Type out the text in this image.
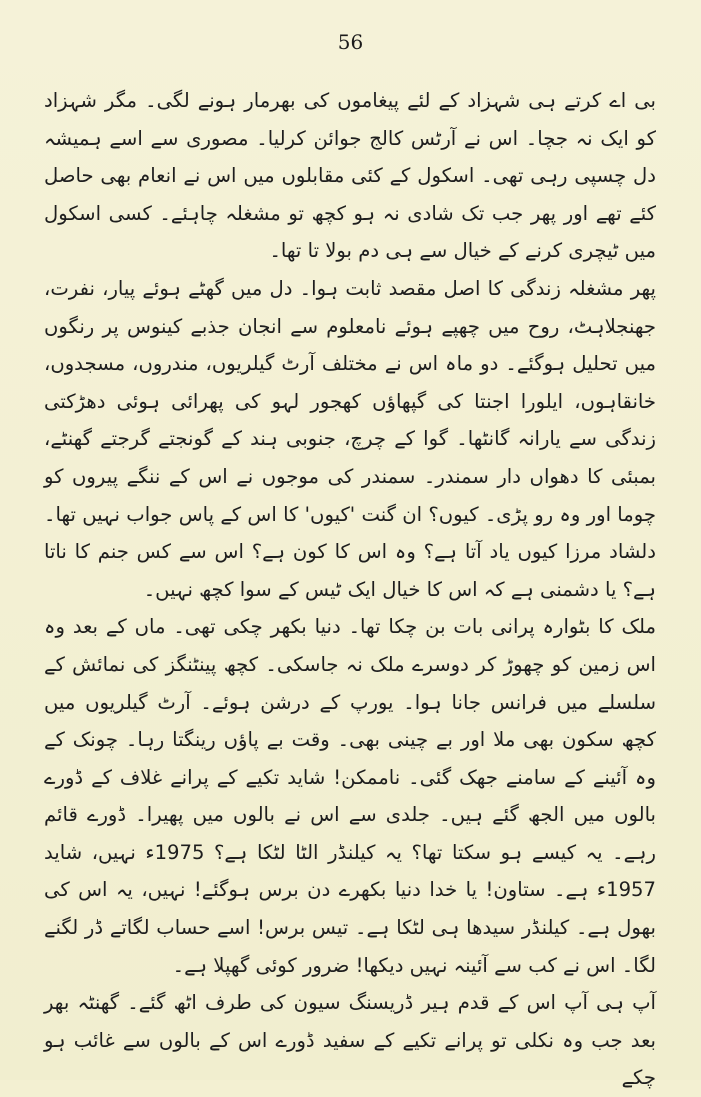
56

بی اے کرتے ہی شہزاد کے لئے پیغاموں کی بھرمار ہونے لگی۔ مگر شہزاد کو ایک نہ جچا۔ اس نے آرٹس کالج جوائن کرلیا۔ مصوری سے اسے ہمیشہ دل چسپی رہی تھی۔ اسکول کے کئی مقابلوں میں اس نے انعام بھی حاصل کئے تھے اور پھر جب تک شادی نہ ہو کچھ تو مشغلہ چاہئے۔ کسی اسکول میں ٹیچری کرنے کے خیال سے ہی دم بولا تا تھا۔

پھر مشغلہ زندگی کا اصل مقصد ثابت ہوا۔ دل میں گھٹے ہوئے پیار، نفرت، جھنجلاہٹ، روح میں چھپے ہوئے نامعلوم سے انجان جذبے کینوس پر رنگوں میں تحلیل ہوگئے۔ دو ماہ اس نے مختلف آرٹ گیلریوں، مندروں، مسجدوں، خانقاہوں، ایلورا اجنتا کی گپھاؤں کھجور لہو کی پھرائی ہوئی دھڑکتی زندگی سے یارانہ گانٹھا۔ گوا کے چرچ، جنوبی ہند کے گونجتے گرجتے گھنٹے، بمبئی کا دھواں دار سمندر۔ سمندر کی موجوں نے اس کے ننگے پیروں کو چوما اور وہ رو پڑی۔ کیوں؟ ان گنت 'کیوں' کا اس کے پاس جواب نہیں تھا۔ دلشاد مرزا کیوں یاد آتا ہے؟ وہ اس کا کون ہے؟ اس سے کس جنم کا ناتا ہے؟ یا دشمنی ہے کہ اس کا خیال ایک ٹیس کے سوا کچھ نہیں۔

ملک کا بٹوارہ پرانی بات بن چکا تھا۔ دنیا بکھر چکی تھی۔ ماں کے بعد وہ اس زمین کو چھوڑ کر دوسرے ملک نہ جاسکی۔ کچھ پینٹنگز کی نمائش کے سلسلے میں فرانس جانا ہوا۔ یورپ کے درشن ہوئے۔ آرٹ گیلریوں میں کچھ سکون بھی ملا اور بے چینی بھی۔ وقت بے پاؤں رینگتا رہا۔ چونک کے وہ آئینے کے سامنے جھک گئی۔ ناممکن! شاید تکیے کے پرانے غلاف کے ڈورے بالوں میں الجھ گئے ہیں۔ جلدی سے اس نے بالوں میں پھیرا۔ ڈورے قائم رہے۔ یہ کیسے ہو سکتا تھا؟ یہ کیلنڈر الٹا لٹکا ہے؟ 1975ء نہیں، شاید 1957ء ہے۔ ستاون! یا خدا دنیا بکھرے دن برس ہوگئے! نہیں، یہ اس کی بھول ہے۔ کیلنڈر سیدھا ہی لٹکا ہے۔ تیس برس! اسے حساب لگاتے ڈر لگنے لگا۔ اس نے کب سے آئینہ نہیں دیکھا! ضرور کوئی گھپلا ہے۔

آپ ہی آپ اس کے قدم ہیر ڈریسنگ سیون کی طرف اٹھ گئے۔ گھنٹہ بھر بعد جب وہ نکلی تو پرانے تکیے کے سفید ڈورے اس کے بالوں سے غائب ہو چکے
